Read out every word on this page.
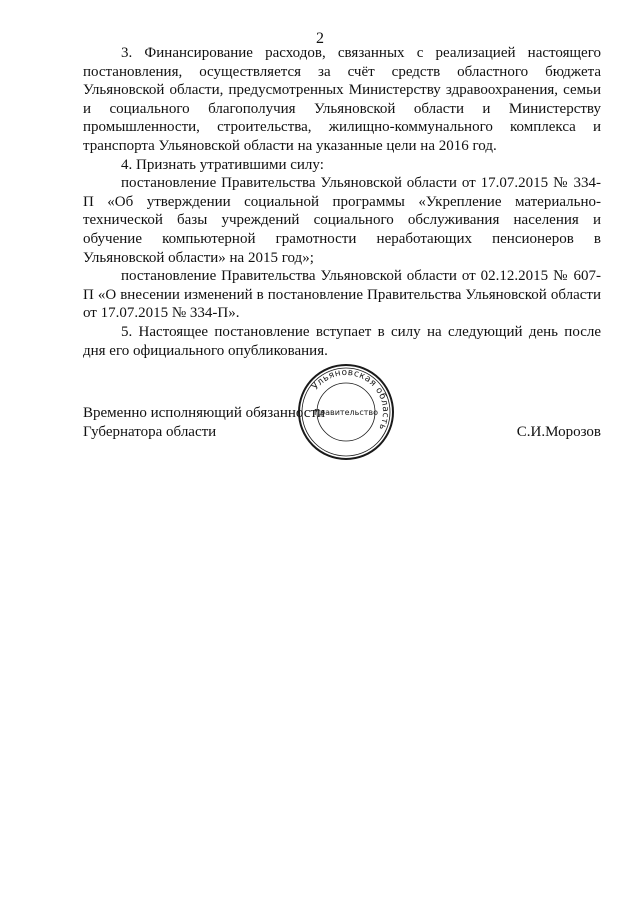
2

3. Финансирование расходов, связанных с реализацией настоящего постановления, осуществляется за счёт средств областного бюджета Ульяновской области, предусмотренных Министерству здравоохранения, семьи и социального благополучия Ульяновской области и Министерству промышленности, строительства, жилищно-коммунального комплекса и транспорта Ульяновской области на указанные цели на 2016 год.

4. Признать утратившими силу:

постановление Правительства Ульяновской области от 17.07.2015 № 334-П «Об утверждении социальной программы «Укрепление материально-технической базы учреждений социального обслуживания населения и обучение компьютерной грамотности неработающих пенсионеров в Ульяновской области» на 2015 год»;

постановление Правительства Ульяновской области от 02.12.2015 № 607-П «О внесении изменений в постановление Правительства Ульяновской области от 17.07.2015 № 334-П».

5. Настоящее постановление вступает в силу на следующий день после дня его официального опубликования.

Временно исполняющий обязанности
Губернатора области	С.И.Морозов
Ульяновская область
Правительство
